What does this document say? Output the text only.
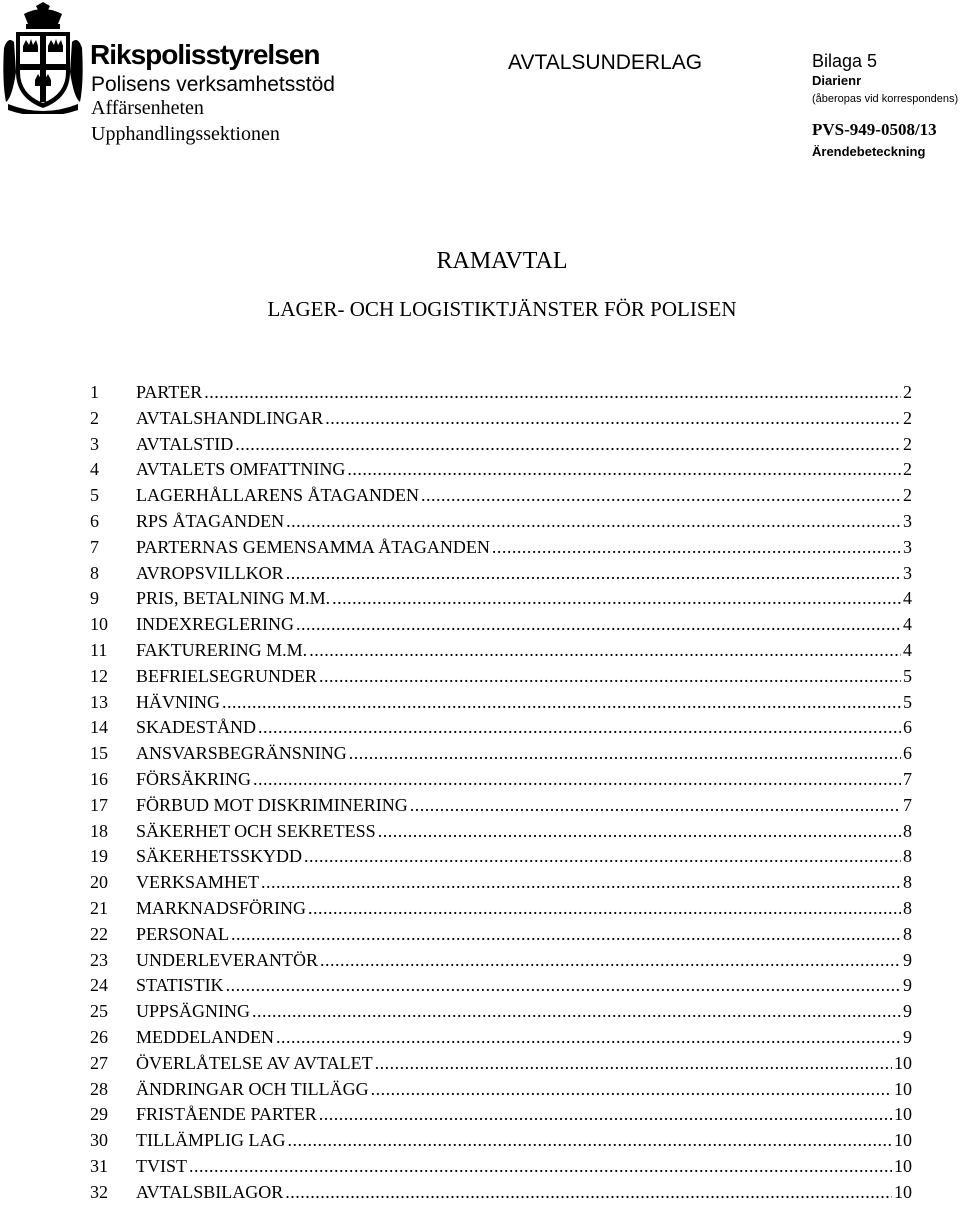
Rikspolisstyrelsen
Polisens verksamhetsstöd
Affärsenheten
Upphandlingssektionen
AVTALSUNDERLAG	Bilaga 5
Diarienr
(åberopas vid korrespondens)
PVS-949-0508/13
Ärendebeteckning
RAMAVTAL
LAGER- OCH LOGISTIKTJÄNSTER FÖR POLISEN
1	PARTER .....	2
2	AVTALSHANDLINGAR .....	2
3	AVTALSTID .....	2
4	AVTALETS OMFATTNING .....	2
5	LAGERHÅLLARENS ÅTAGANDEN .....	2
6	RPS ÅTAGANDEN .....	3
7	PARTERNAS GEMENSAMMA ÅTAGANDEN .....	3
8	AVROPSVILLKOR .....	3
9	PRIS, BETALNING M.M. .....	4
10	INDEXREGLERING .....	4
11	FAKTURERING M.M. .....	4
12	BEFRIELSEGRUNDER .....	5
13	HÄVNING .....	5
14	SKADESTÅND .....	6
15	ANSVARSBEGRÄNSNING .....	6
16	FÖRSÄKRING .....	7
17	FÖRBUD MOT DISKRIMINERING .....	7
18	SÄKERHET OCH SEKRETESS .....	8
19	SÄKERHETSSKYDD .....	8
20	VERKSAMHET .....	8
21	MARKNADSFÖRING .....	8
22	PERSONAL .....	8
23	UNDERLEVERANTÖR .....	9
24	STATISTIK .....	9
25	UPPSÄGNING .....	9
26	MEDDELANDEN .....	9
27	ÖVERLÅTELSE AV AVTALET .....	10
28	ÄNDRINGAR OCH TILLÄGG .....	10
29	FRISTÅENDE PARTER .....	10
30	TILLÄMPLIG LAG .....	10
31	TVIST .....	10
32	AVTALSBILAGOR .....	10
